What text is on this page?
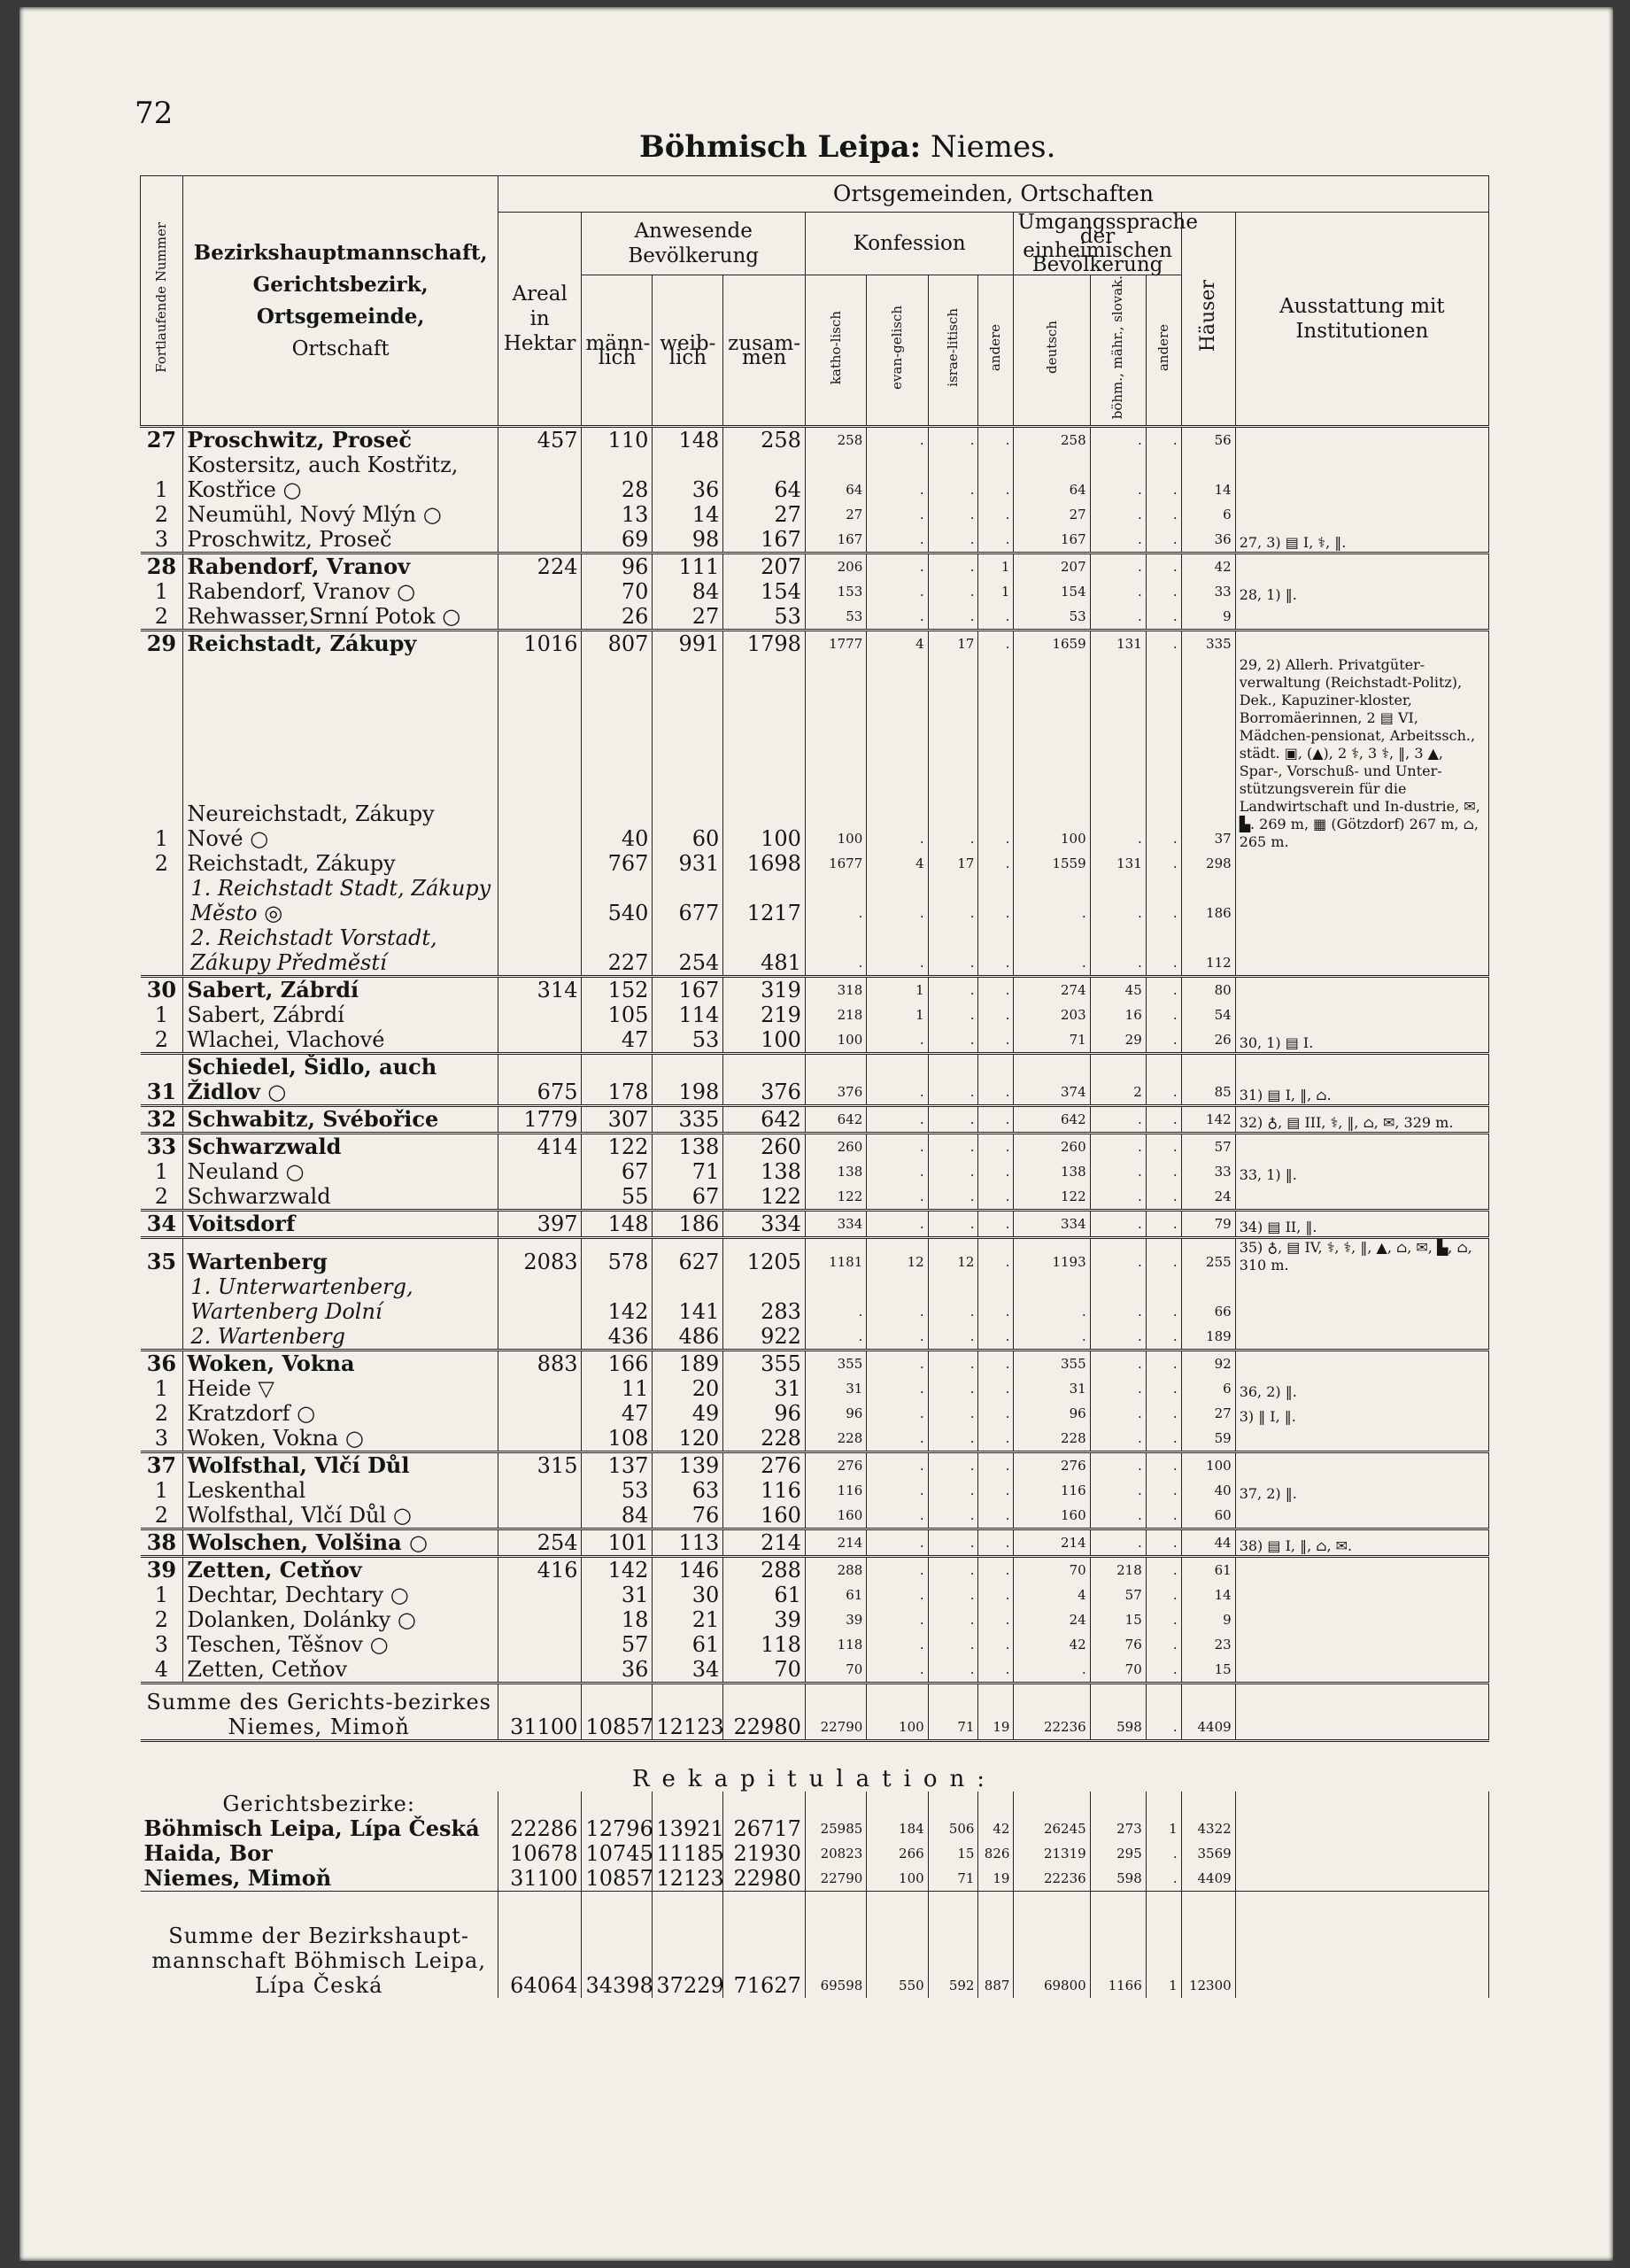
72
Böhmisch Leipa: Niemes.
Fortlaufende Nummer	Bezirkshauptmannschaft,
Gerichtsbezirk,
Ortsgemeinde,
Ortschaft	Ortsgemeinden, Ortschaften												
		Areal in Hektar	Anwesende Bevölkerung			Konfession				Umgangssprache der einheimischen Bevölkerung			Häuser	Ausstattung mit Institutionen
			männ-lich	weib-lich	zusam-men	katho-lisch	evan-gelisch	israe-litisch	andere	deutsch	böhm., mähr., slovak.	andere		
27	Proschwitz, Proseč	457	110	148	258	258	.	.	.	258	.	.	56	
1	Kostersitz, auch Kostřitz, Kostřice ○		28	36	64	64	.	.	.	64	.	.	14	
2	Neumühl, Nový Mlýn ○		13	14	27	27	.	.	.	27	.	.	6	
3	Proschwitz, Proseč		69	98	167	167	.	.	.	167	.	.	36	27, 3) ▤ I, ⚕, ‖.
28	Rabendorf, Vranov	224	96	111	207	206	.	.	1	207	.	.	42	
1	Rabendorf, Vranov ○		70	84	154	153	.	.	1	154	.	.	33	28, 1) ‖.
2	Rehwasser,Srnní Potok ○		26	27	53	53	.	.	.	53	.	.	9	
29	Reichstadt, Zákupy	1016	807	991	1798	1777	4	17	.	1659	131	.	335	
1	Neureichstadt, Zákupy Nové ○		40	60	100	100	.	.	.	100	.	.	37	29, 2) Allerh. Privatgüter-verwaltung (Reichstadt-Politz), Dek., Kapuziner-kloster, Borromäerinnen, 2 ▤ VI, Mädchen-pensionat, Arbeitssch., städt. ▣, (▲), 2 ⚕, 3 ⚕, ‖, 3 ▲, Spar-, Vorschuß- und Unter-stützungsverein für die Landwirtschaft und In-dustrie, ✉, ▙. 269 m, ▦ (Götzdorf) 267 m, ⌂, 265 m.
2	Reichstadt, Zákupy		767	931	1698	1677	4	17	.	1559	131	.	298	
	1. Reichstadt Stadt, Zákupy Město ◎		540	677	1217	.	.	.	.	.	.	.	186	
	2. Reichstadt Vorstadt, Zákupy Předměstí		227	254	481	.	.	.	.	.	.	.	112	
30	Sabert, Zábrdí	314	152	167	319	318	1	.	.	274	45	.	80	
1	Sabert, Zábrdí		105	114	219	218	1	.	.	203	16	.	54	
2	Wlachei, Vlachové		47	53	100	100	.	.	.	71	29	.	26	30, 1) ▤ I.
31	Schiedel, Šidlo, auch Židlov ○	675	178	198	376	376	.	.	.	374	2	.	85	31) ▤ I, ‖, ⌂.
32	Schwabitz, Svébořice	1779	307	335	642	642	.	.	.	642	.	.	142	32) ♁, ▤ III, ⚕, ‖, ⌂, ✉, 329 m.
33	Schwarzwald	414	122	138	260	260	.	.	.	260	.	.	57	
1	Neuland ○		67	71	138	138	.	.	.	138	.	.	33	33, 1) ‖.
2	Schwarzwald		55	67	122	122	.	.	.	122	.	.	24	
34	Voitsdorf	397	148	186	334	334	.	.	.	334	.	.	79	34) ▤ II, ‖.
35	Wartenberg	2083	578	627	1205	1181	12	12	.	1193	.	.	255	35) ♁, ▤ IV, ⚕, ⚕, ‖, ▲, ⌂, ✉, ▙, ⌂, 310 m.
	1. Unterwartenberg, Wartenberg Dolní		142	141	283	.	.	.	.	.	.	.	66	
	2. Wartenberg		436	486	922	.	.	.	.	.	.	.	189	
36	Woken, Vokna	883	166	189	355	355	.	.	.	355	.	.	92	
1	Heide ▽		11	20	31	31	.	.	.	31	.	.	6	36, 2) ‖.
2	Kratzdorf ○		47	49	96	96	.	.	.	96	.	.	27	3) ‖ I, ‖.
3	Woken, Vokna ○		108	120	228	228	.	.	.	228	.	.	59	
37	Wolfsthal, Vlčí Důl	315	137	139	276	276	.	.	.	276	.	.	100	
1	Leskenthal		53	63	116	116	.	.	.	116	.	.	40	37, 2) ‖.
2	Wolfsthal, Vlčí Důl ○		84	76	160	160	.	.	.	160	.	.	60	
38	Wolschen, Volšina ○	254	101	113	214	214	.	.	.	214	.	.	44	38) ▤ I, ‖, ⌂, ✉.
39	Zetten, Cetňov	416	142	146	288	288	.	.	.	70	218	.	61	
1	Dechtar, Dechtary ○		31	30	61	61	.	.	.	4	57	.	14	
2	Dolanken, Dolánky ○		18	21	39	39	.	.	.	24	15	.	9	
3	Teschen, Těšnov ○		57	61	118	118	.	.	.	42	76	.	23	
4	Zetten, Cetňov		36	34	70	70	.	.	.	.	70	.	15	
Summe des Gerichts-bezirkes Niemes, Mimoň		31100	10857	12123	22980	22790	100	71	19	22236	598	.	4409	
Rekapitulation:														
Gerichtsbezirke:														
Böhmisch Leipa, Lípa Česká		22286	12796	13921	26717	25985	184	506	42	26245	273	1	4322	
Haida, Bor		10678	10745	11185	21930	20823	266	15	826	21319	295	.	3569	
Niemes, Mimoň		31100	10857	12123	22980	22790	100	71	19	22236	598	.	4409	
Summe der Bezirkshaupt-mannschaft Böhmisch Leipa, Lípa Česká		64064	34398	37229	71627	69598	550	592	887	69800	1166	1	12300	
